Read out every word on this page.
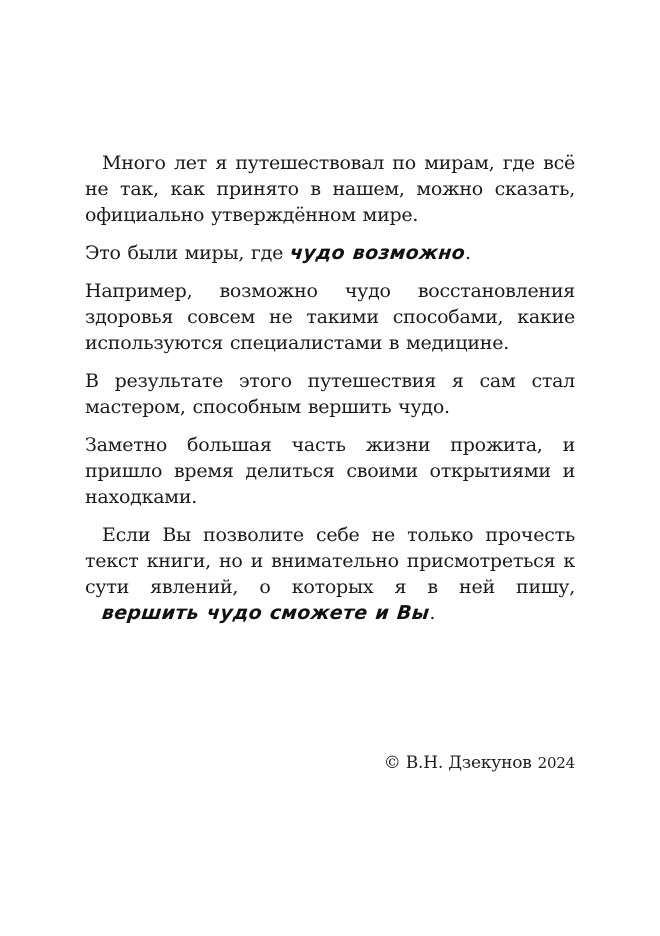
Много лет я путешествовал по мирам, где всё не так, как принято в нашем, можно сказать, официально утверждённом мире.

Это были миры, где чудо возможно.

Например, возможно чудо восстановления здоровья совсем не такими способами, какие используются специалистами в медицине.

В результате этого путешествия я сам стал мастером, способным вершить чудо.

Заметно большая часть жизни прожита, и пришло время делиться своими открытиями и находками.

Если Вы позволите себе не только прочесть текст книги, но и внимательно присмотреться к сути явлений, о которых я в ней пишу, вершить чудо сможете и Вы.

© В.Н. Дзекунов 2024
